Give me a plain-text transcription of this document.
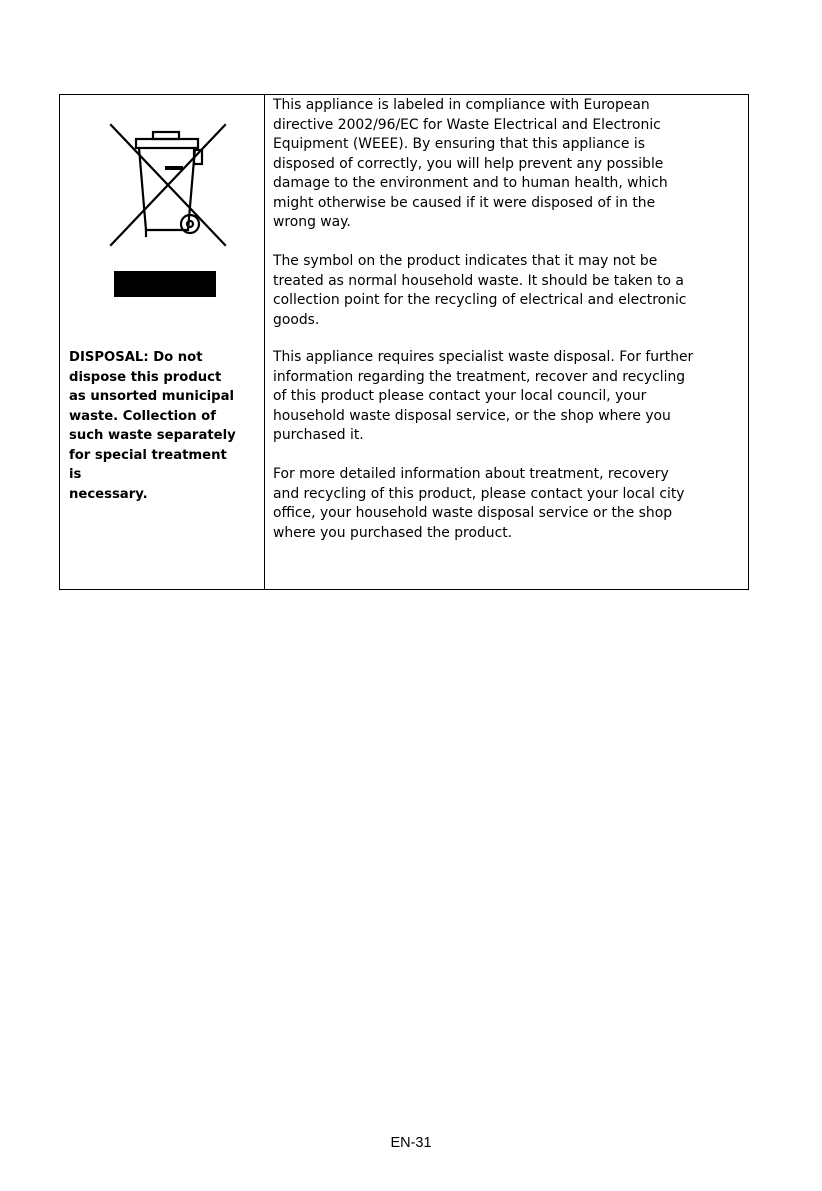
DISPOSAL: Do not
dispose this product
as unsorted municipal
waste. Collection of
such waste separately
for special treatment
is
necessary.

This appliance is labeled in compliance with European
directive 2002/96/EC for Waste Electrical and Electronic
Equipment (WEEE). By ensuring that this appliance is
disposed of correctly, you will help prevent any possible
damage to the environment and to human health, which
might otherwise be caused if it were disposed of in the
wrong way.

The symbol on the product indicates that it may not be
treated as normal household waste. It should be taken to a
collection point for the recycling of electrical and electronic
goods.

This appliance requires specialist waste disposal. For further
information regarding the treatment, recover and recycling
of this product please contact your local council, your
household waste disposal service, or the shop where you
purchased it.

For more detailed information about treatment, recovery
and recycling of this product, please contact your local city
office, your household waste disposal service or the shop
where you purchased the product.

EN-31
